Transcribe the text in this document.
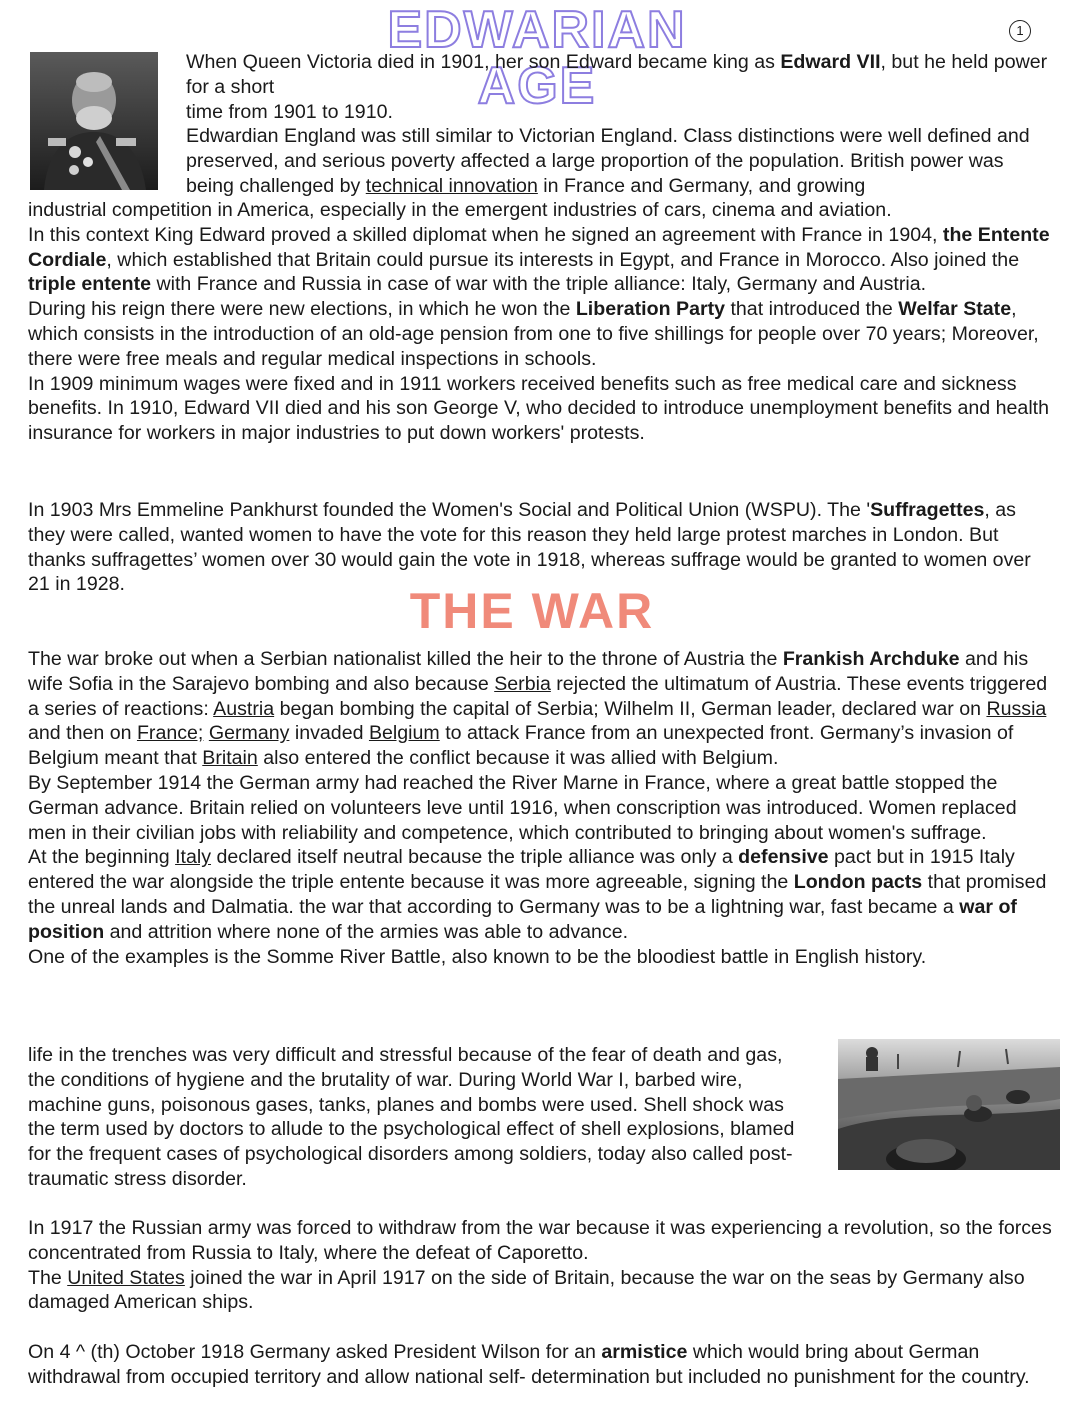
EDWARIAN AGE
1

When Queen Victoria died in 1901, her son Edward became king as Edward VII, but he held power for a short
time from 1901 to 1910.

Edwardian England was still similar to Victorian England. Class distinctions were well defined and preserved, and serious poverty affected a large proportion of the population. British power was being challenged by technical innovation in France and Germany, and growing

industrial competition in America, especially in the emergent industries of cars, cinema and aviation.

In this context King Edward proved a skilled diplomat when he signed an agreement with France in 1904, the Entente Cordiale, which established that Britain could pursue its interests in Egypt, and France in Morocco. Also joined the triple entente with France and Russia in case of war with the triple alliance: Italy, Germany and Austria.

During his reign there were new elections, in which he won the Liberation Party that introduced the Welfar State, which consists in the introduction of an old-age pension from one to five shillings for people over 70 years; Moreover, there were free meals and regular medical inspections in schools.

In 1909 minimum wages were fixed and in 1911 workers received benefits such as free medical care and sickness benefits. In 1910, Edward VII died and his son George V, who decided to introduce unemployment benefits and health insurance for workers in major industries to put down workers' protests.

In 1903 Mrs Emmeline Pankhurst founded the Women's Social and Political Union (WSPU). The 'Suffragettes, as they were called, wanted women to have the vote for this reason they held large protest marches in London. But thanks suffragettes’ women over 30 would gain the vote in 1918, whereas suffrage would be granted to women over 21 in 1928.	THE WAR

The war broke out when a Serbian nationalist killed the heir to the throne of Austria the Frankish Archduke and his wife Sofia in the Sarajevo bombing and also because Serbia rejected the ultimatum of Austria. These events triggered a series of reactions: Austria began bombing the capital of Serbia; Wilhelm II, German leader, declared war on Russia and then on France; Germany invaded Belgium to attack France from an unexpected front. Germany’s invasion of Belgium meant that Britain also entered the conflict because it was allied with Belgium.

By September 1914 the German army had reached the River Marne in France, where a great battle stopped the German advance. Britain relied on volunteers leve until 1916, when conscription was introduced. Women replaced men in their civilian jobs with reliability and competence, which contributed to bringing about women's suffrage.

At the beginning Italy declared itself neutral because the triple alliance was only a defensive pact but in 1915 Italy entered the war alongside the triple entente because it was more agreeable, signing the London pacts that promised the unreal lands and Dalmatia. the war that according to Germany was to be a lightning war, fast became a war of position and attrition where none of the armies was able to advance.

One of the examples is the Somme River Battle, also known to be the bloodiest battle in English history.

life in the trenches was very difficult and stressful because of the fear of death and gas, the conditions of hygiene and the brutality of war. During World War I, barbed wire, machine guns, poisonous gases, tanks, planes and bombs were used. Shell shock was the term used by doctors to allude to the psychological effect of shell explosions, blamed for the frequent cases of psychological disorders among soldiers, today also called post-traumatic stress disorder.

In 1917 the Russian army was forced to withdraw from the war because it was experiencing a revolution, so the forces concentrated from Russia to Italy, where the defeat of Caporetto.

The United States joined the war in April 1917 on the side of Britain, because the war on the seas by Germany also damaged American ships.

On 4 ^ (th) October 1918 Germany asked President Wilson for an armistice which would bring about German withdrawal from occupied territory and allow national self- determination but included no punishment for the country.
